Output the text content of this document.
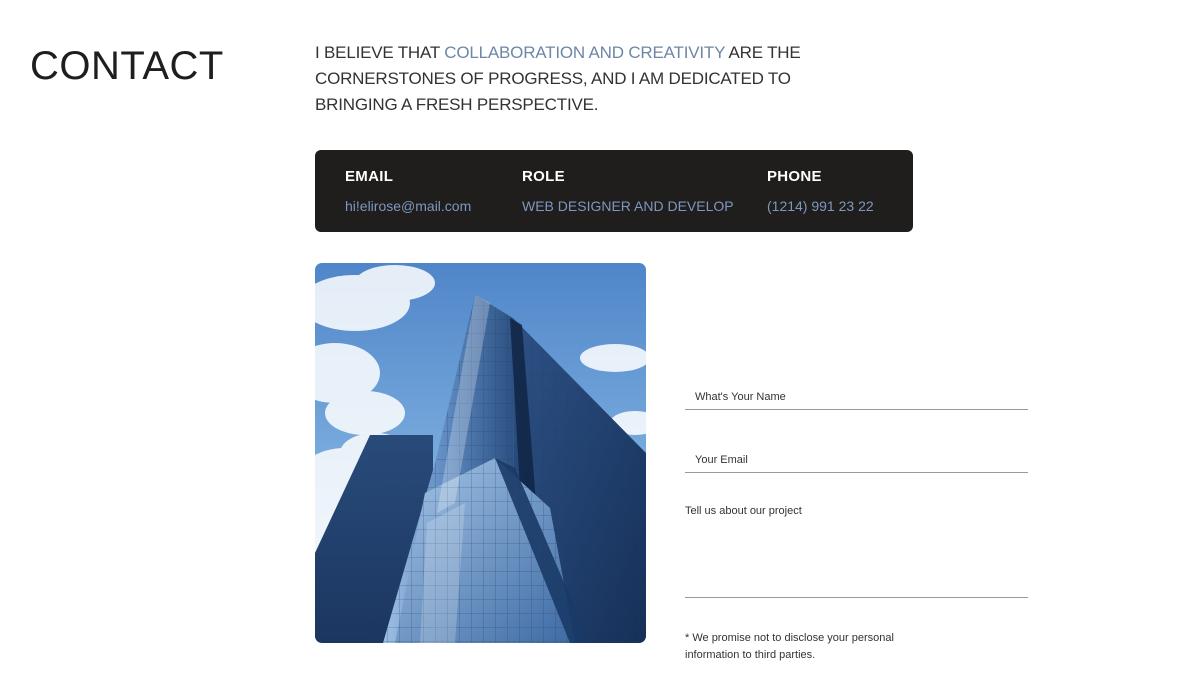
CONTACT	I BELIEVE THAT COLLABORATION AND CREATIVITY ARE THE CORNERSTONES OF PROGRESS, AND I AM DEDICATED TO BRINGING A FRESH PERSPECTIVE.

EMAIL
hi!elirose@mail.com
ROLE
WEB DESIGNER AND DEVELOP
PHONE
(1214) 991 23 22
What's Your Name
Your Email
Tell us about our project

* We promise not to disclose your personal information to third parties.
